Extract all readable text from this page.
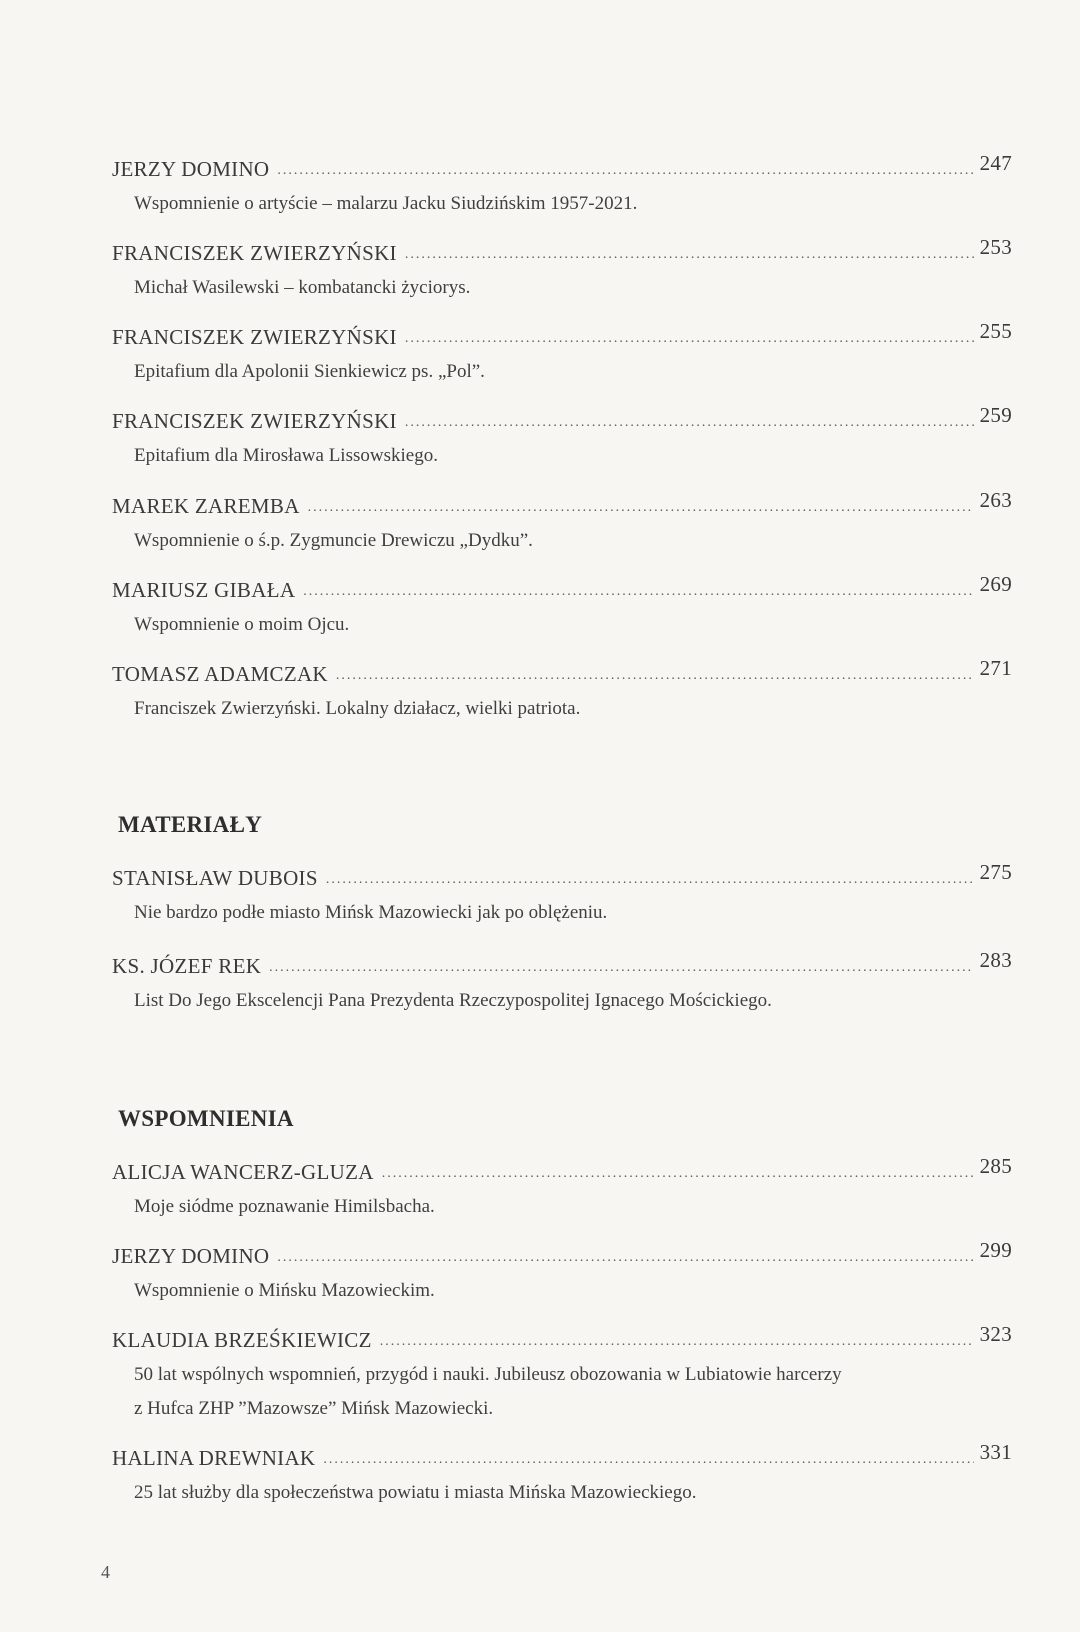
JERZY DOMINO .....	247
Wspomnienie o artyście – malarzu Jacku Siudzińskim 1957-2021.
FRANCISZEK ZWIERZYŃSKI .....	253
Michał Wasilewski – kombatancki życiorys.
FRANCISZEK ZWIERZYŃSKI .....	255
Epitafium dla Apolonii Sienkiewicz ps. „Pol”.
FRANCISZEK ZWIERZYŃSKI .....	259
Epitafium dla Mirosława Lissowskiego.
MAREK ZAREMBA .....	263
Wspomnienie o ś.p. Zygmuncie Drewiczu „Dydku”.
MARIUSZ GIBAŁA .....	269
Wspomnienie o moim Ojcu.
TOMASZ ADAMCZAK .....	271
Franciszek Zwierzyński. Lokalny działacz, wielki patriota.
MATERIAŁY
STANISŁAW DUBOIS .....	275
Nie bardzo podłe miasto Mińsk Mazowiecki jak po oblężeniu.
KS. JÓZEF REK .....	283
List Do Jego Ekscelencji Pana Prezydenta Rzeczypospolitej Ignacego Mościckiego.
WSPOMNIENIA
ALICJA WANCERZ-GLUZA .....	285
Moje siódme poznawanie Himilsbacha.
JERZY DOMINO .....	299
Wspomnienie o Mińsku Mazowieckim.
KLAUDIA BRZEŚKIEWICZ .....	323
50 lat wspólnych wspomnień, przygód i nauki. Jubileusz obozowania w Lubiatowie harcerzy
z Hufca ZHP ”Mazowsze” Mińsk Mazowiecki.
HALINA DREWNIAK .....	331
25 lat służby dla społeczeństwa powiatu i miasta Mińska Mazowieckiego.
4
